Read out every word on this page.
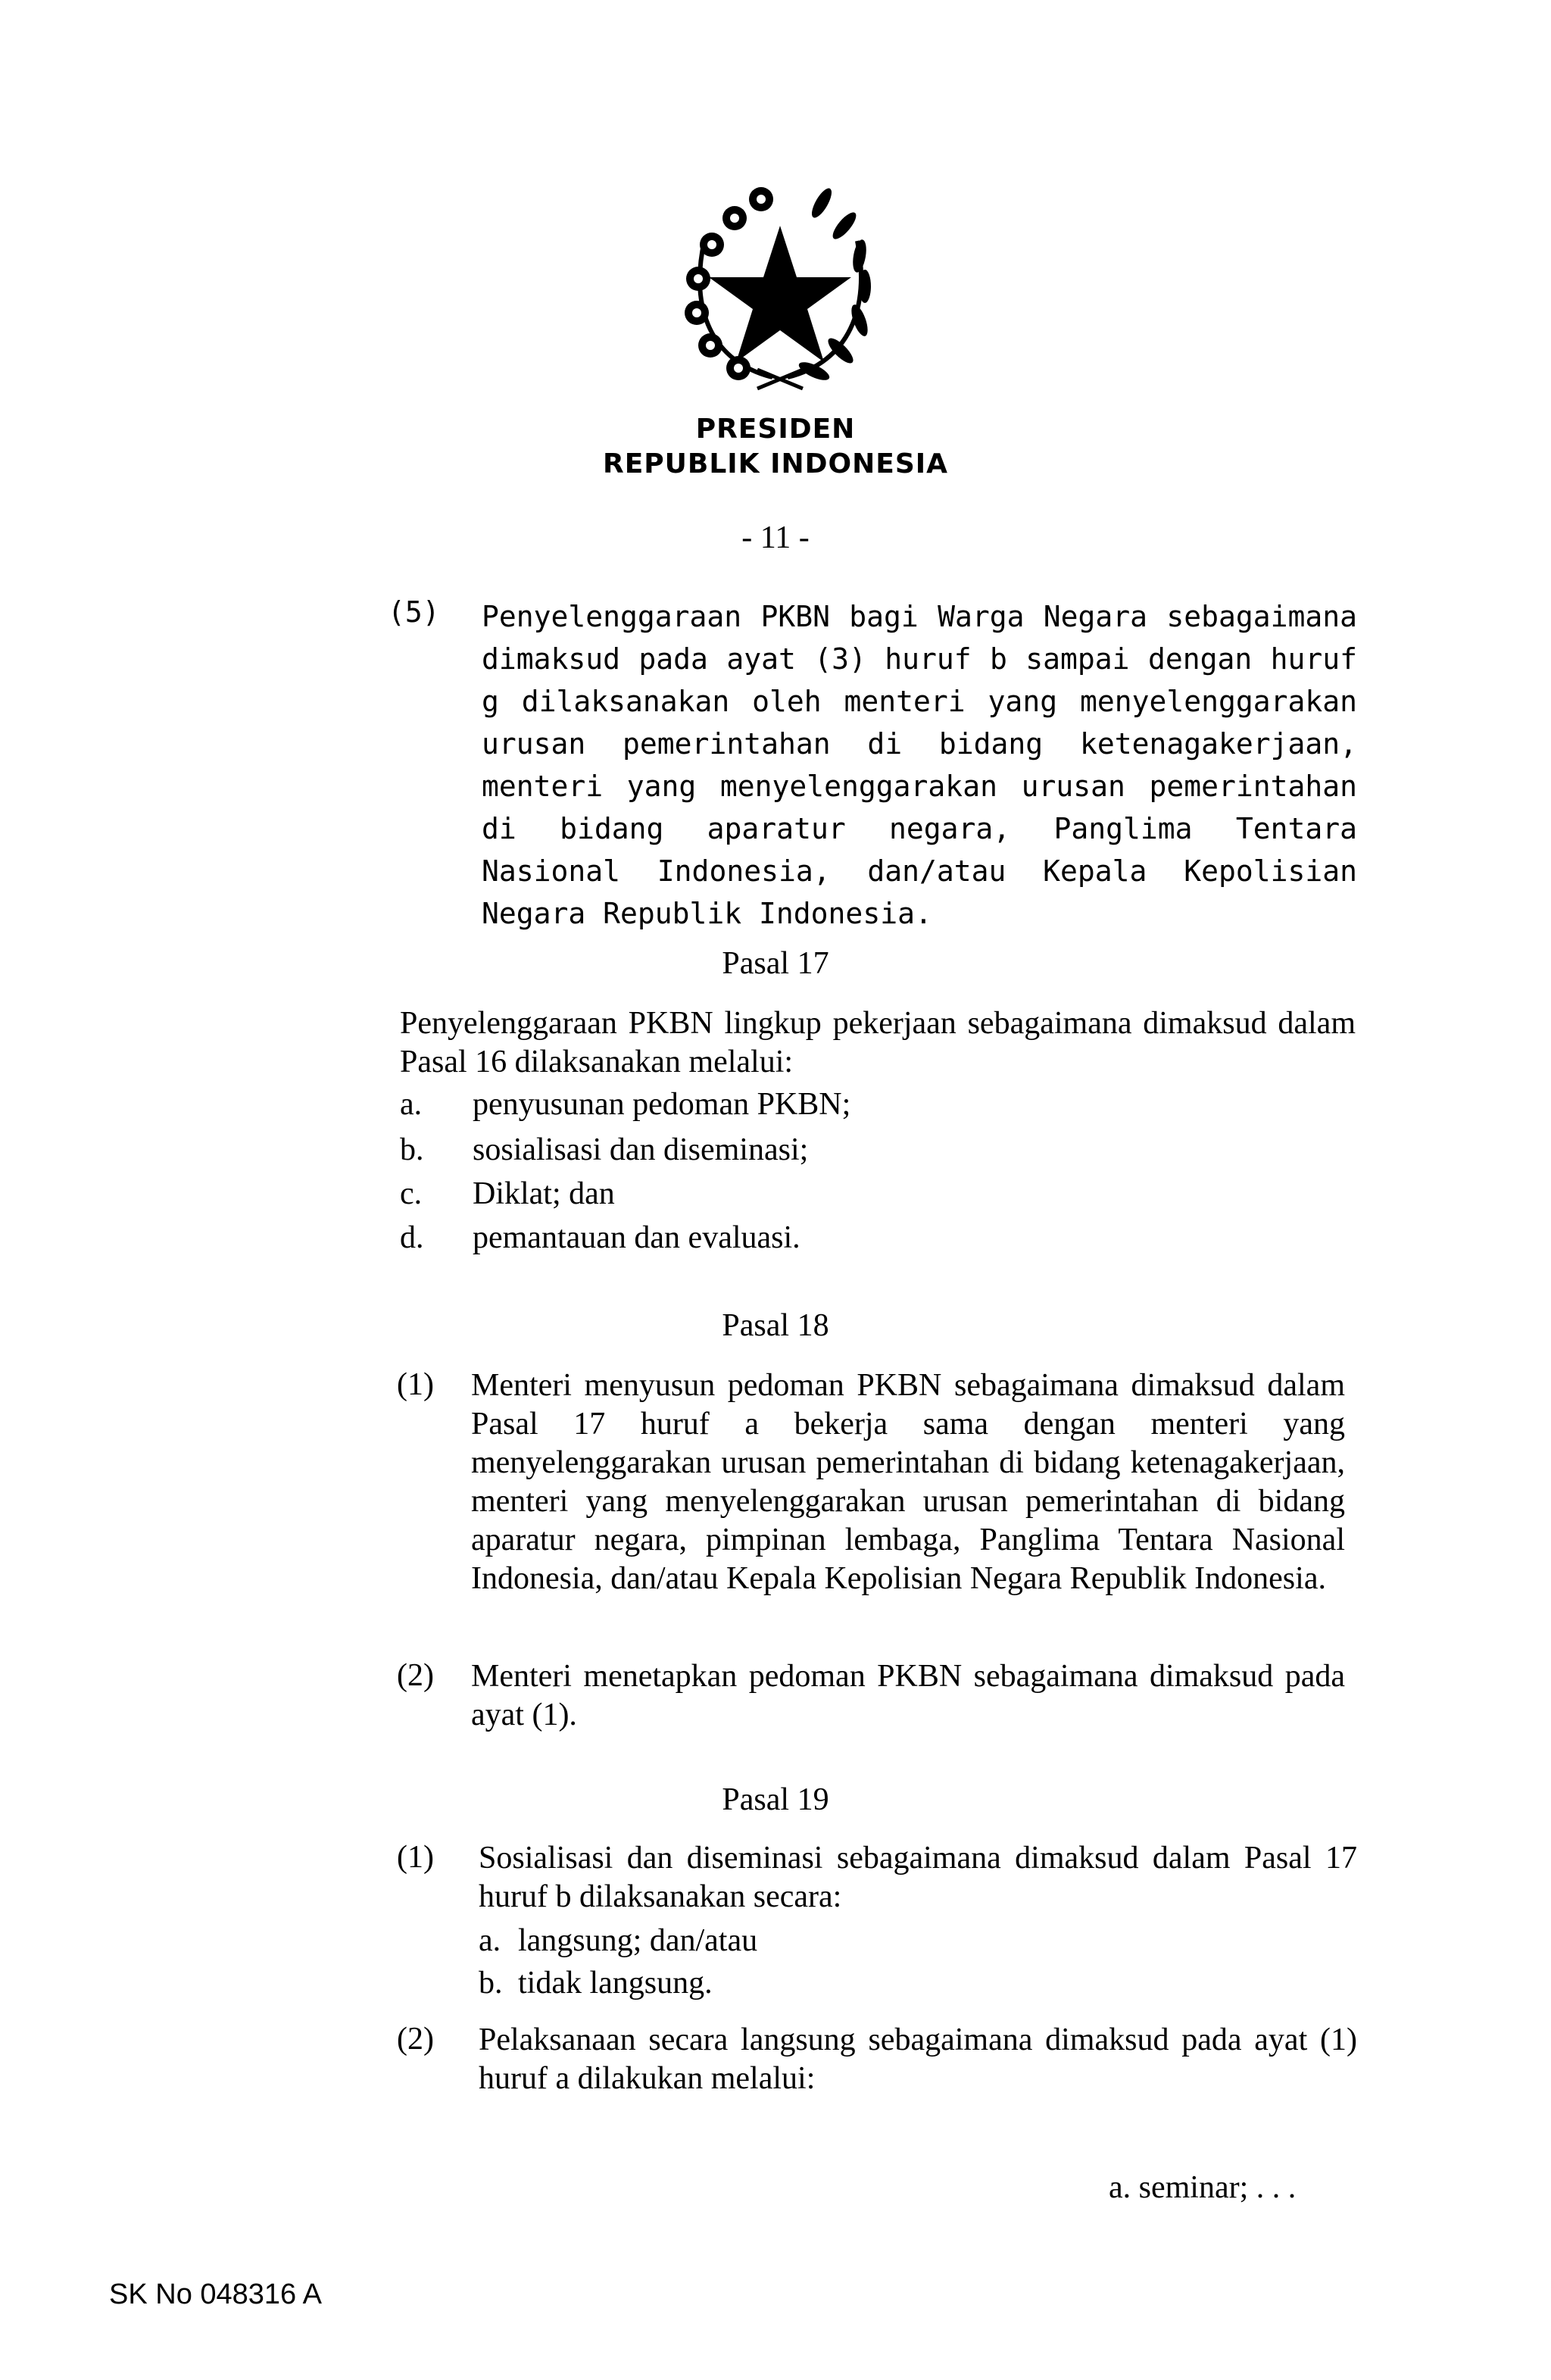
PRESIDEN
REPUBLIK INDONESIA
- 11 -
(5) Penyelenggaraan PKBN bagi Warga Negara sebagaimana dimaksud pada ayat (3) huruf b sampai dengan huruf g dilaksanakan oleh menteri yang menyelenggarakan urusan pemerintahan di bidang ketenagakerjaan, menteri yang menyelenggarakan urusan pemerintahan di bidang aparatur negara, Panglima Tentara Nasional Indonesia, dan/atau Kepala Kepolisian Negara Republik Indonesia.
Pasal 17
Penyelenggaraan PKBN lingkup pekerjaan sebagaimana dimaksud dalam Pasal 16 dilaksanakan melalui:
a. penyusunan pedoman PKBN;
b. sosialisasi dan diseminasi;
c. Diklat; dan
d. pemantauan dan evaluasi.
Pasal 18
(1) Menteri menyusun pedoman PKBN sebagaimana dimaksud dalam Pasal 17 huruf a bekerja sama dengan menteri yang menyelenggarakan urusan pemerintahan di bidang ketenagakerjaan, menteri yang menyelenggarakan urusan pemerintahan di bidang aparatur negara, pimpinan lembaga, Panglima Tentara Nasional Indonesia, dan/atau Kepala Kepolisian Negara Republik Indonesia.
(2) Menteri menetapkan pedoman PKBN sebagaimana dimaksud pada ayat (1).
Pasal 19
(1) Sosialisasi dan diseminasi sebagaimana dimaksud dalam Pasal 17 huruf b dilaksanakan secara:
a. langsung; dan/atau
b. tidak langsung.
(2) Pelaksanaan secara langsung sebagaimana dimaksud pada ayat (1) huruf a dilakukan melalui:
a. seminar; . . .
SK No 048316 A
